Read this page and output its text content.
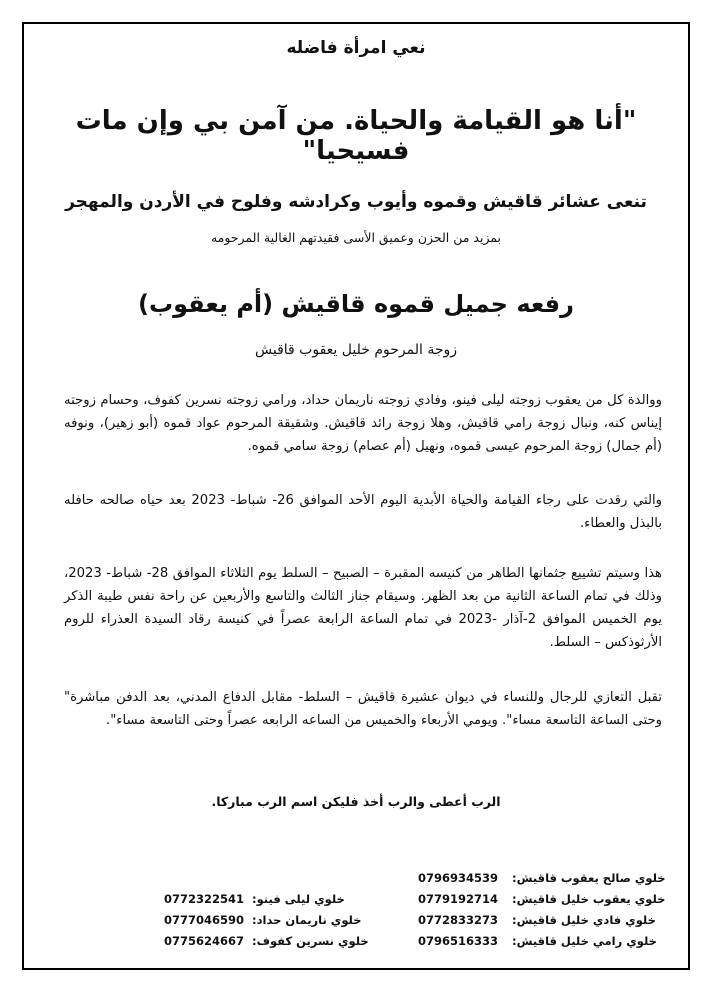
نعي امرأة فاضله
"أنا هو القيامة والحياة. من آمن بي وإن مات فسيحيا"
تنعى عشائر قاقيش وقموه وأيوب وكرادشه وفلوح في الأردن والمهجر
بمزيد من الحزن وعميق الأسى فقيدتهم الغالية المرحومه
رفعه جميل قموه قاقيش (أم يعقوب)
زوجة المرحوم خليل يعقوب قاقيش
ووالدة كل من يعقوب زوجته ليلى فينو، وفادي زوجته ناريمان حداد، ورامي زوجته نسرين كفوف، وحسام زوجته إيناس كنه، ونبال زوجة رامي قاقيش، وهلا زوجة رائد قاقيش. وشقيقة المرحوم عواد قموه (أبو زهير)، ونوفه (أم جمال) زوجة المرحوم عيسى قموه، ونهيل (أم عصام) زوجة سامي قموه.
والتي رقدت على رجاء القيامة والحياة الأبدية اليوم الأحد الموافق 26- شباط- 2023 بعد حياه صالحه حافله بالبذل والعطاء.
هذا وسيتم تشييع جثمانها الطاهر من كنيسه المقبرة – الصبيح – السلط يوم الثلاثاء الموافق 28- شباط- 2023، وذلك في تمام الساعة الثانية من بعد الظهر. وسيقام جناز الثالث والتاسع والأربعين عن راحة نفس طيبة الذكر يوم الخميس الموافق 2-آذار -2023 في تمام الساعة الرابعة عصراً في كنيسة رقاد السيدة العذراء للروم الأرثوذكس – السلط.
تقبل التعازي للرجال وللنساء في ديوان عشيرة قاقيش – السلط- مقابل الدفاع المدني، بعد الدفن مباشرة" وحتى الساعة التاسعة مساء". ويومي الأربعاء والخميس من الساعه الرابعه عصراً وحتى التاسعة مساء".
الرب أعطى والرب أخذ فليكن اسم الرب مباركا.
خلوي صالح يعقوب قاقيش:
0796934539
خلوي يعقوب خليل قاقيش:
0779192714
خلوي فادي خليل قاقيش:
0772833273
خلوي رامي خليل قاقيش:
0796516333
خلوي ليلى فينو:
0772322541
خلوي ناريمان حداد:
0777046590
خلوي نسرين كفوف:
0775624667
